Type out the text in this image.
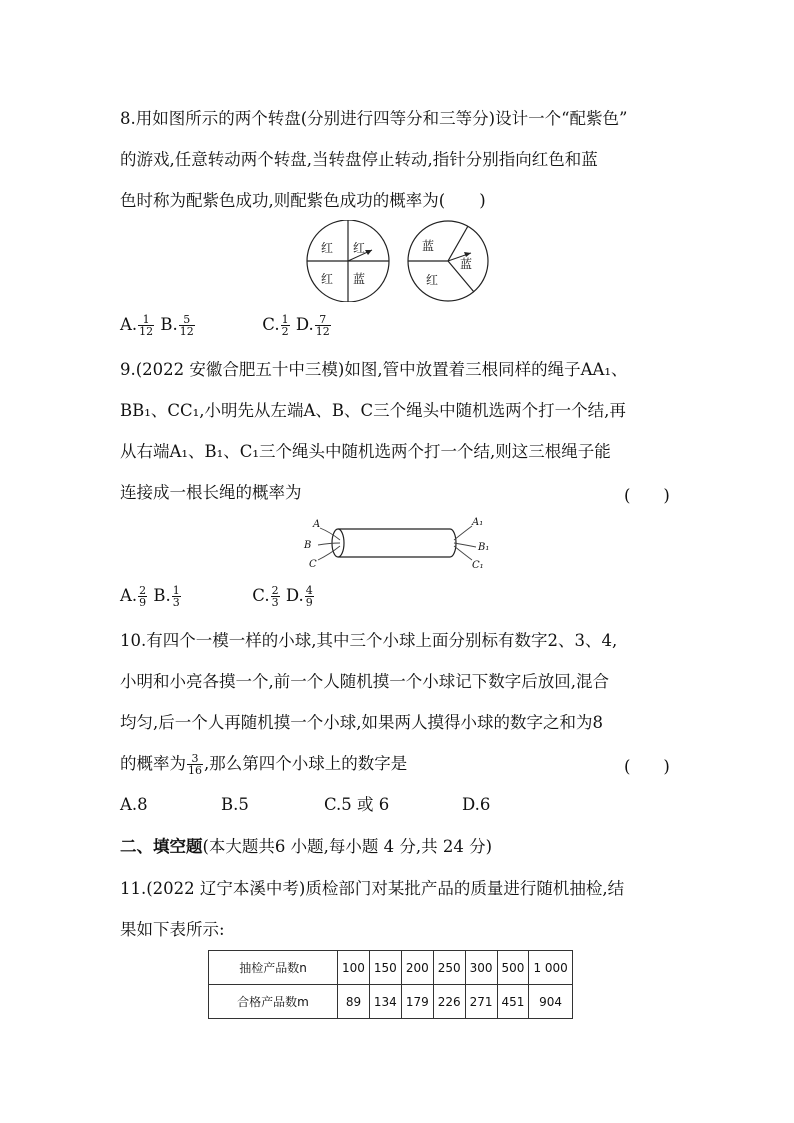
8.用如图所示的两个转盘(分别进行四等分和三等分)设计一个“配紫色”
的游戏,任意转动两个转盘,当转盘停止转动,指针分别指向红色和蓝
色时称为配紫色成功,则配紫色成功的概率为( )
红 红
红 蓝
蓝
蓝
红
A. $\frac{1}{12} B$. $\frac{5}{12}$	C. $\frac{1}{2} D$. $\frac{7}{12}$
9.(2022 安徽合肥五十中三模)如图,管中放置着三根同样的绳子AA₁、
BB₁、CC₁,小明先从左端A、B、C三个绳头中随机选两个打一个结,再
从右端A₁、B₁、C₁三个绳头中随机选两个打一个结,则这三根绳子能
连接成一根长绳的概率为	(　　)
A
B
C
A₁
B₁
C₁
A. $\frac{2}{9} B$. $\frac{1}{3}$	C. $\frac{2}{3} D$. $\frac{4}{9}$
10.有四个一模一样的小球,其中三个小球上面分别标有数字2、3、4,
小明和小亮各摸一个,前一个人随机摸一个小球记下数字后放回,混合
均匀,后一个人再随机摸一个小球,如果两人摸得小球的数字之和为8
的概率为 $\frac{3}{16}$ ,那么第四个小球上的数字是	(　　)
A.8	B.5	C.5 或 6	D.6
二、填空题(本大题共6 小题,每小题 4 分,共 24 分)
11.(2022 辽宁本溪中考)质检部门对某批产品的质量进行随机抽检,结
果如下表所示:
抽检产品数n	100	150	200	250	300	500	1 000
合格产品数m	89	134	179	226	271	451	904
